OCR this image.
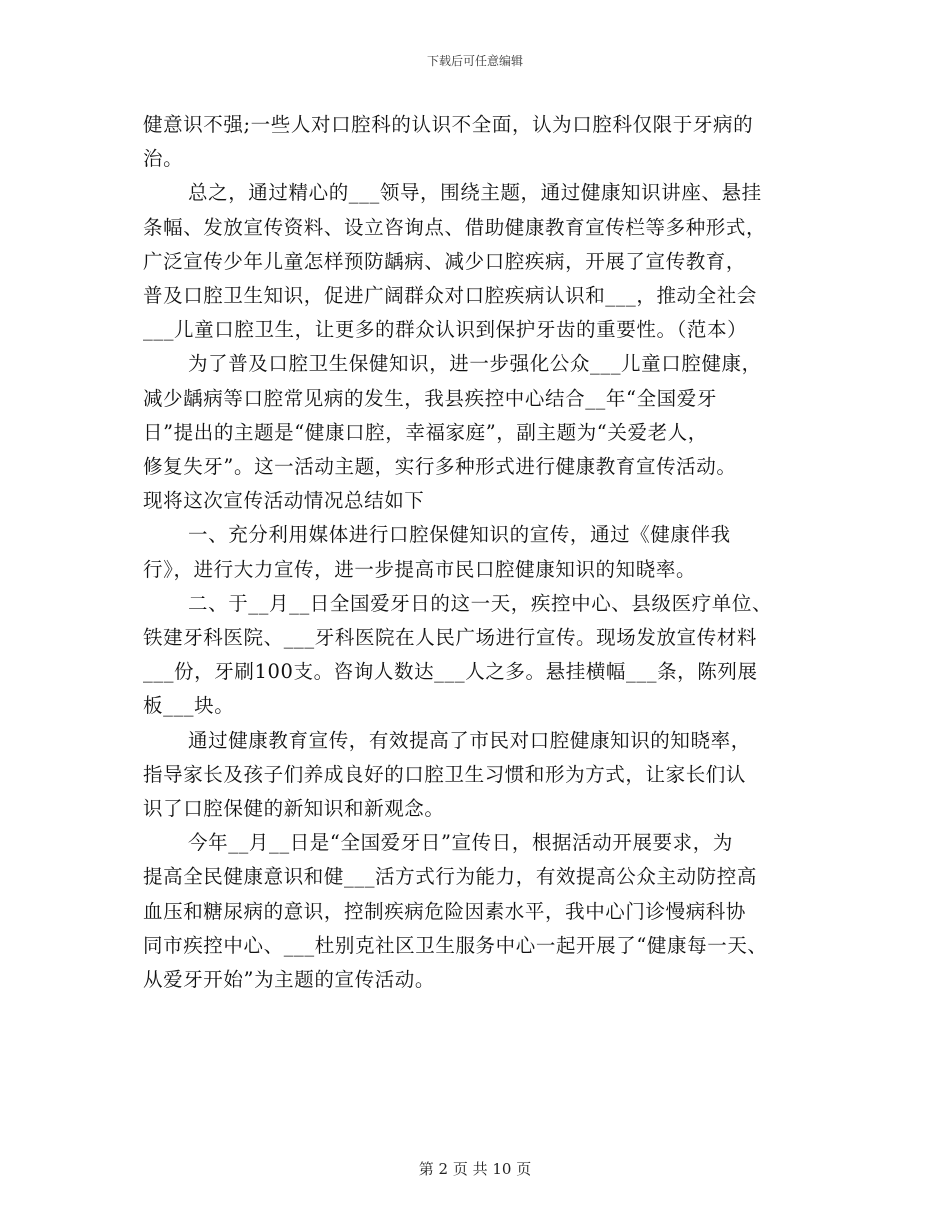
下载后可任意编辑

健意识不强;一些人对口腔科的认识不全面，认为口腔科仅限于牙病的

治。

总之，通过精心的___领导，围绕主题，通过健康知识讲座、悬挂

条幅、发放宣传资料、设立咨询点、借助健康教育宣传栏等多种形式，

广泛宣传少年儿童怎样预防龋病、减少口腔疾病，开展了宣传教育，

普及口腔卫生知识，促进广阔群众对口腔疾病认识和___，推动全社会

___儿童口腔卫生，让更多的群众认识到保护牙齿的重要性。（范本）

为了普及口腔卫生保健知识，进一步强化公众___儿童口腔健康，

减少龋病等口腔常见病的发生，我县疾控中心结合__年“全国爱牙

日”提出的主题是“健康口腔，幸福家庭”，副主题为“关爱老人，

修复失牙”。这一活动主题，实行多种形式进行健康教育宣传活动。

现将这次宣传活动情况总结如下

一、充分利用媒体进行口腔保健知识的宣传，通过《健康伴我

行》，进行大力宣传，进一步提高市民口腔健康知识的知晓率。

二、于__月__日全国爱牙日的这一天，疾控中心、县级医疗单位、

铁建牙科医院、___牙科医院在人民广场进行宣传。现场发放宣传材料

___份，牙刷100支。咨询人数达___人之多。悬挂横幅___条，陈列展

板___块。

通过健康教育宣传，有效提高了市民对口腔健康知识的知晓率，

指导家长及孩子们养成良好的口腔卫生习惯和形为方式，让家长们认

识了口腔保健的新知识和新观念。

今年__月__日是“全国爱牙日”宣传日，根据活动开展要求，为

提高全民健康意识和健___活方式行为能力，有效提高公众主动防控高

血压和糖尿病的意识，控制疾病危险因素水平，我中心门诊慢病科协

同市疾控中心、___杜别克社区卫生服务中心一起开展了“健康每一天、

从爱牙开始”为主题的宣传活动。

第 2 页 共 10 页
